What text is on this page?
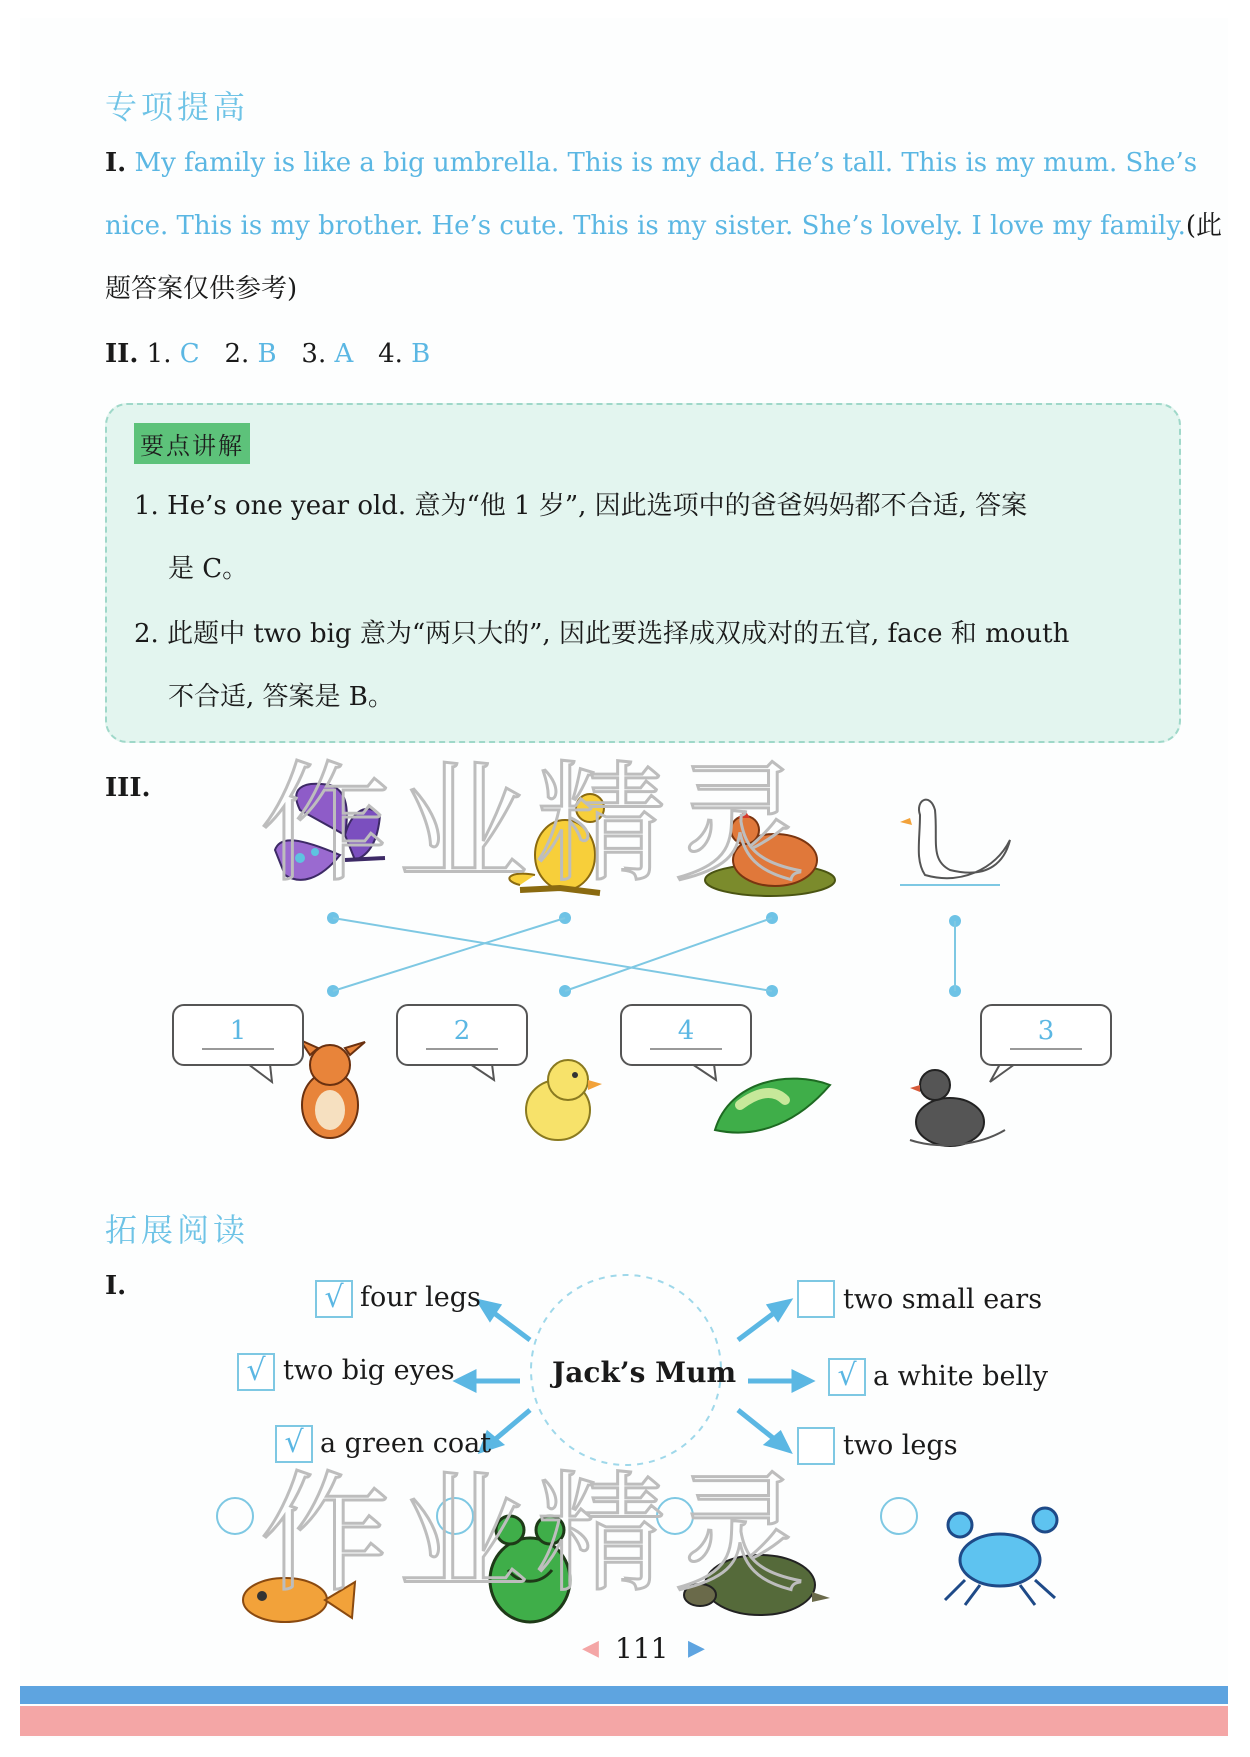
专项提高
I. My family is like a big umbrella. This is my dad. He’s tall. This is my mum. She’s
nice. This is my brother. He’s cute. This is my sister. She’s lovely. I love my family.(此
题答案仅供参考)
II. 1. C 2. B 3. A 4. B
要点讲解
1. He’s one year old. 意为“他 1 岁”, 因此选项中的爸爸妈妈都不合适, 答案
是 C。
2. 此题中 two big 意为“两只大的”, 因此要选择成双成对的五官, face 和 mouth
不合适, 答案是 B。
III.
1	2	4	3
拓展阅读
I.
Jack’s Mum
√ four legs
√ two big eyes
√ a green coat
two small ears
√ a white belly
two legs
作业精灵
作业精灵
◀ 111 ▶
